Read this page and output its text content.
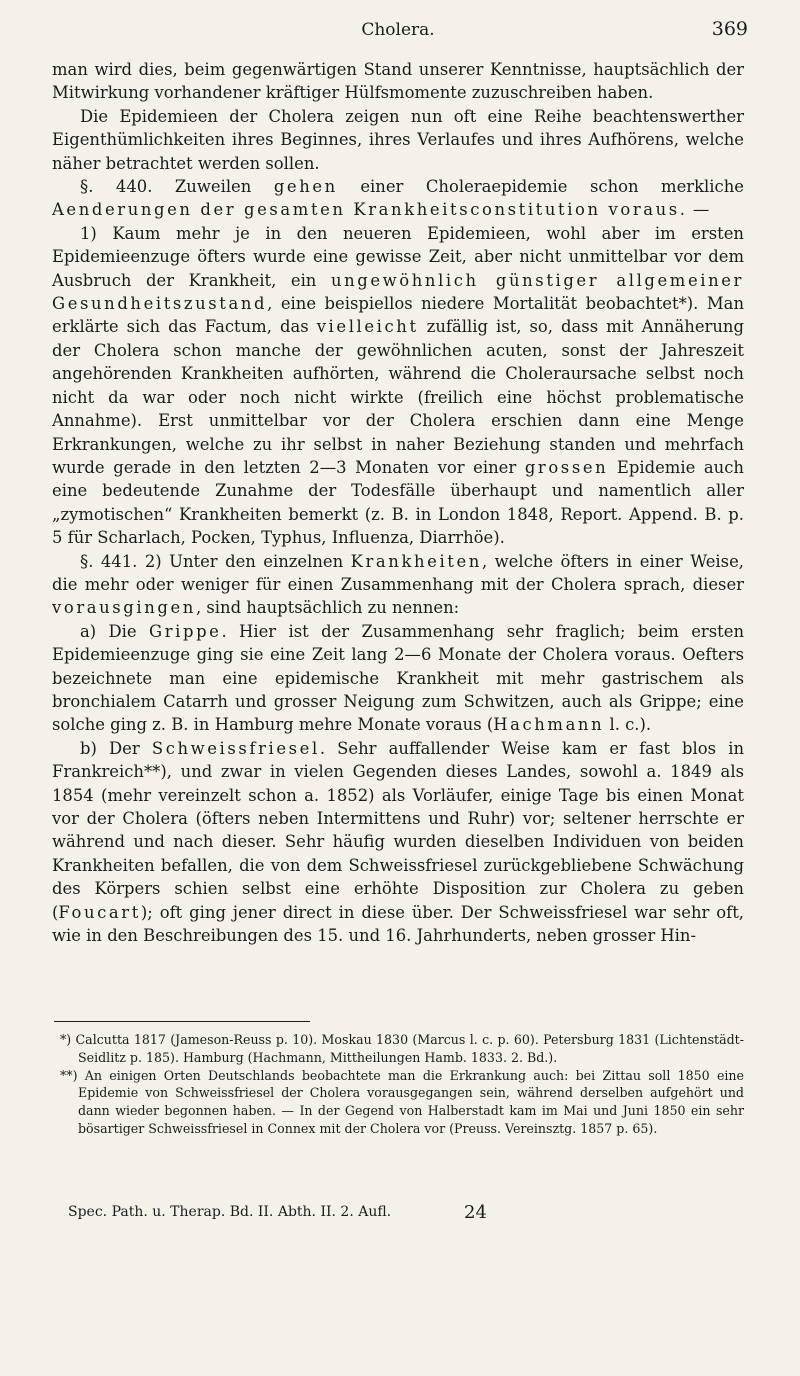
Cholera.	369

man wird dies, beim gegenwärtigen Stand unserer Kenntnisse, hauptsächlich der Mitwirkung vorhandener kräftiger Hülfsmomente zuzuschreiben haben.

Die Epidemieen der Cholera zeigen nun oft eine Reihe beachtenswerther Eigenthümlichkeiten ihres Beginnes, ihres Verlaufes und ihres Aufhörens, welche näher betrachtet werden sollen.

§. 440. Zuweilen gehen einer Choleraepidemie schon merkliche Aenderungen der gesamten Krankheitsconstitution voraus. —

1) Kaum mehr je in den neueren Epidemieen, wohl aber im ersten Epidemieenzuge öfters wurde eine gewisse Zeit, aber nicht unmittelbar vor dem Ausbruch der Krankheit, ein ungewöhnlich günstiger allgemeiner Gesundheitszustand, eine beispiellos niedere Mortalität beobachtet*). Man erklärte sich das Factum, das vielleicht zufällig ist, so, dass mit Annäherung der Cholera schon manche der gewöhnlichen acuten, sonst der Jahreszeit angehörenden Krankheiten aufhörten, während die Choleraursache selbst noch nicht da war oder noch nicht wirkte (freilich eine höchst problematische Annahme). Erst unmittelbar vor der Cholera erschien dann eine Menge Erkrankungen, welche zu ihr selbst in naher Beziehung standen und mehrfach wurde gerade in den letzten 2—3 Monaten vor einer grossen Epidemie auch eine bedeutende Zunahme der Todesfälle überhaupt und namentlich aller „zymotischen“ Krankheiten bemerkt (z. B. in London 1848, Report. Append. B. p. 5 für Scharlach, Pocken, Typhus, Influenza, Diarrhöe).

§. 441. 2) Unter den einzelnen Krankheiten, welche öfters in einer Weise, die mehr oder weniger für einen Zusammenhang mit der Cholera sprach, dieser vorausgingen, sind hauptsächlich zu nennen:

a) Die Grippe. Hier ist der Zusammenhang sehr fraglich; beim ersten Epidemieenzuge ging sie eine Zeit lang 2—6 Monate der Cholera voraus. Oefters bezeichnete man eine epidemische Krankheit mit mehr gastrischem als bronchialem Catarrh und grosser Neigung zum Schwitzen, auch als Grippe; eine solche ging z. B. in Hamburg mehre Monate voraus (Hachmann l. c.).

b) Der Schweissfriesel. Sehr auffallender Weise kam er fast blos in Frankreich**), und zwar in vielen Gegenden dieses Landes, sowohl a. 1849 als 1854 (mehr vereinzelt schon a. 1852) als Vorläufer, einige Tage bis einen Monat vor der Cholera (öfters neben Intermittens und Ruhr) vor; seltener herrschte er während und nach dieser. Sehr häufig wurden dieselben Individuen von beiden Krankheiten befallen, die von dem Schweissfriesel zurückgebliebene Schwächung des Körpers schien selbst eine erhöhte Disposition zur Cholera zu geben (Foucart); oft ging jener direct in diese über. Der Schweissfriesel war sehr oft, wie in den Beschreibungen des 15. und 16. Jahrhunderts, neben grosser Hin-

*) Calcutta 1817 (Jameson-Reuss p. 10). Moskau 1830 (Marcus l. c. p. 60). Petersburg 1831 (Lichtenstädt-Seidlitz p. 185). Hamburg (Hachmann, Mittheilungen Hamb. 1833. 2. Bd.).

**) An einigen Orten Deutschlands beobachtete man die Erkrankung auch: bei Zittau soll 1850 eine Epidemie von Schweissfriesel der Cholera vorausgegangen sein, während derselben aufgehört und dann wieder begonnen haben. — In der Gegend von Halberstadt kam im Mai und Juni 1850 ein sehr bösartiger Schweissfriesel in Connex mit der Cholera vor (Preuss. Vereinsztg. 1857 p. 65).

Spec. Path. u. Therap. Bd. II. Abth. II. 2. Aufl.	24
